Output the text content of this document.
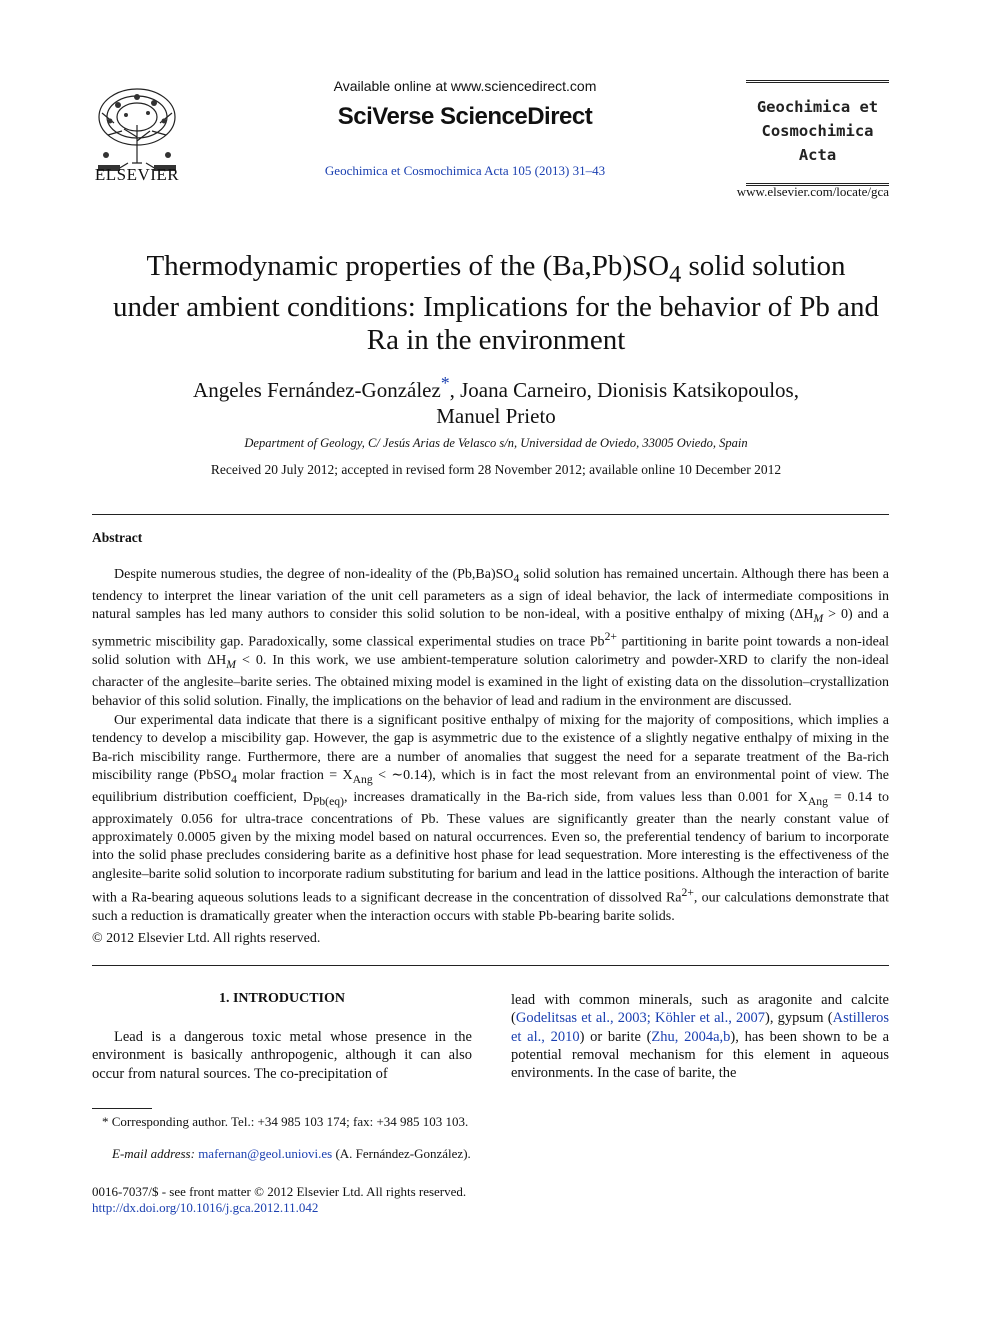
ELSEVIER
Available online at www.sciencedirect.com
SciVerse ScienceDirect
Geochimica et Cosmochimica Acta 105 (2013) 31–43
Geochimica et
Cosmochimica
Acta
www.elsevier.com/locate/gca
Thermodynamic properties of the $(Ba,Pb)SO_4$ solid solution
under ambient conditions: Implications for the behavior of Pb and
Ra in the environment
Angeles Fernández-González*, Joana Carneiro, Dionisis Katsikopoulos,
Manuel Prieto
Department of Geology, C/ Jesús Arias de Velasco s/n, Universidad de Oviedo, 33005 Oviedo, Spain
Received 20 July 2012; accepted in revised form 28 November 2012; available online 10 December 2012
Abstract

Despite numerous studies, the degree of non-ideality of the $(Pb,Ba)SO_4$ solid solution has remained uncertain. Although there has been a tendency to interpret the linear variation of the unit cell parameters as a sign of ideal behavior, the lack of intermediate compositions in natural samples has led many authors to consider this solid solution to be non-ideal, with a positive enthalpy of mixing $(\Delta H_M > 0)$ and a symmetric miscibility gap. Paradoxically, some classical experimental studies on trace $Pb^{2+}$ partitioning in barite point towards a non-ideal solid solution with $\Delta H_M < 0$. In this work, we use ambient-temperature solution calorimetry and powder-XRD to clarify the non-ideal character of the anglesite–barite series. The obtained mixing model is examined in the light of existing data on the dissolution–crystallization behavior of this solid solution. Finally, the implications on the behavior of lead and radium in the environment are discussed.

Our experimental data indicate that there is a significant positive enthalpy of mixing for the majority of compositions, which implies a tendency to develop a miscibility gap. However, the gap is asymmetric due to the existence of a slightly negative enthalpy of mixing in the Ba-rich miscibility range. Furthermore, there are a number of anomalies that suggest the need for a separate treatment of the Ba-rich miscibility range (PbSO$_4$ molar fraction = $X_{Ang}$ < ∼0.14), which is in fact the most relevant from an environmental point of view. The equilibrium distribution coefficient, $D_{Pb(eq)}$, increases dramatically in the Ba-rich side, from values less than 0.001 for $X_{Ang} = 0.14$ to approximately 0.056 for ultra-trace concentrations of Pb. These values are significantly greater than the nearly constant value of approximately 0.0005 given by the mixing model based on natural occurrences. Even so, the preferential tendency of barium to incorporate into the solid phase precludes considering barite as a definitive host phase for lead sequestration. More interesting is the effectiveness of the anglesite–barite solid solution to incorporate radium substituting for barium and lead in the lattice positions. Although the interaction of barite with a Ra-bearing aqueous solutions leads to a significant decrease in the concentration of dissolved $Ra^{2+}$, our calculations demonstrate that such a reduction is dramatically greater when the interaction occurs with stable Pb-bearing barite solids.

© 2012 Elsevier Ltd. All rights reserved.
1. INTRODUCTION

Lead is a dangerous toxic metal whose presence in the environment is basically anthropogenic, although it can also occur from natural sources. The co-precipitation of

lead with common minerals, such as aragonite and calcite (Godelitsas et al., 2003; Köhler et al., 2007), gypsum (Astilleros et al., 2010) or barite (Zhu, 2004a,b), has been shown to be a potential removal mechanism for this element in aqueous environments. In the case of barite, the

* Corresponding author. Tel.: +34 985 103 174; fax: +34 985 103 103.

E-mail address: mafernan@geol.uniovi.es (A. Fernández-González).

0016-7037/$ - see front matter © 2012 Elsevier Ltd. All rights reserved.
http://dx.doi.org/10.1016/j.gca.2012.11.042
